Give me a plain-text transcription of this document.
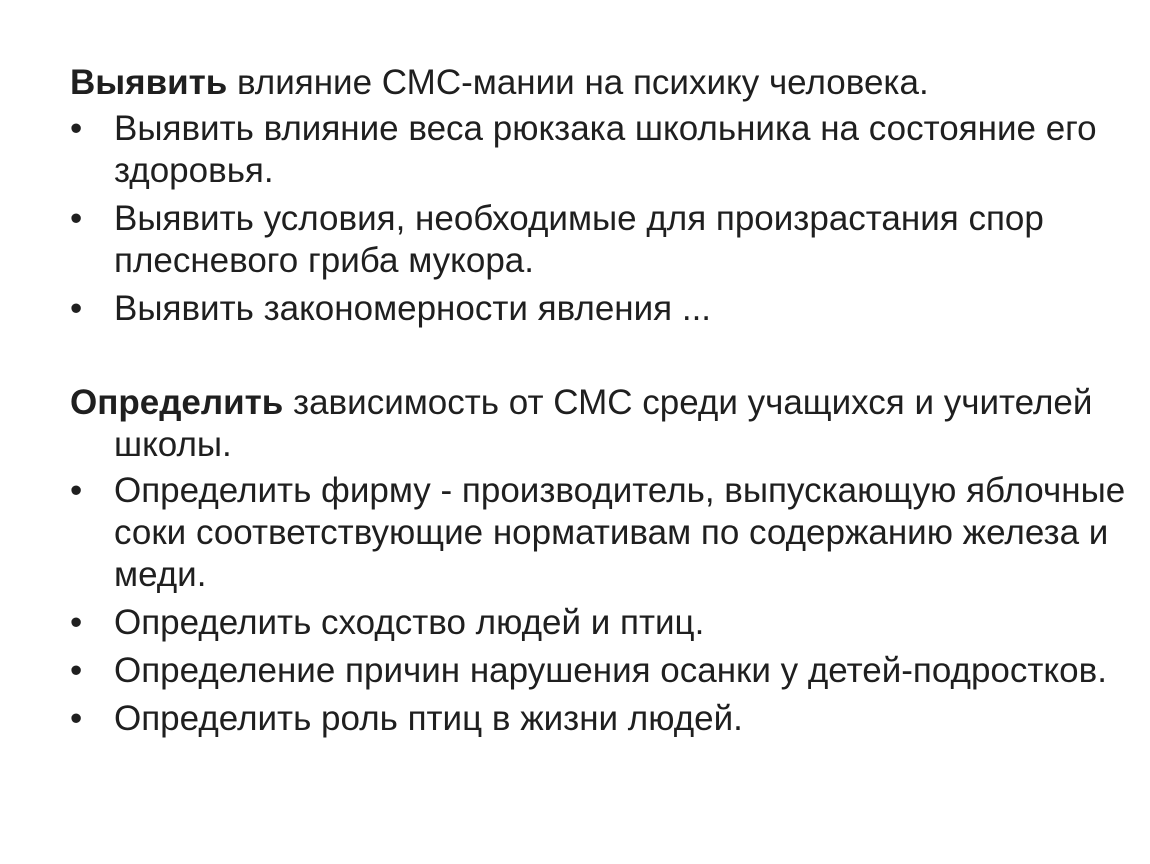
Выявить влияние СМС-мании на психику человека.

• Выявить влияние веса рюкзака школьника на состояние его здоровья.
• Выявить условия, необходимые для произрастания спор плесневого гриба мукора.
• Выявить закономерности явления ...

Определить зависимость от СМС среди учащихся и учителей школы.

• Определить фирму - производитель, выпускающую яблочные соки соответствующие нормативам по содержанию железа и меди.
• Определить сходство людей и птиц.
• Определение причин нарушения осанки у детей-подростков.
• Определить роль птиц в жизни людей.
